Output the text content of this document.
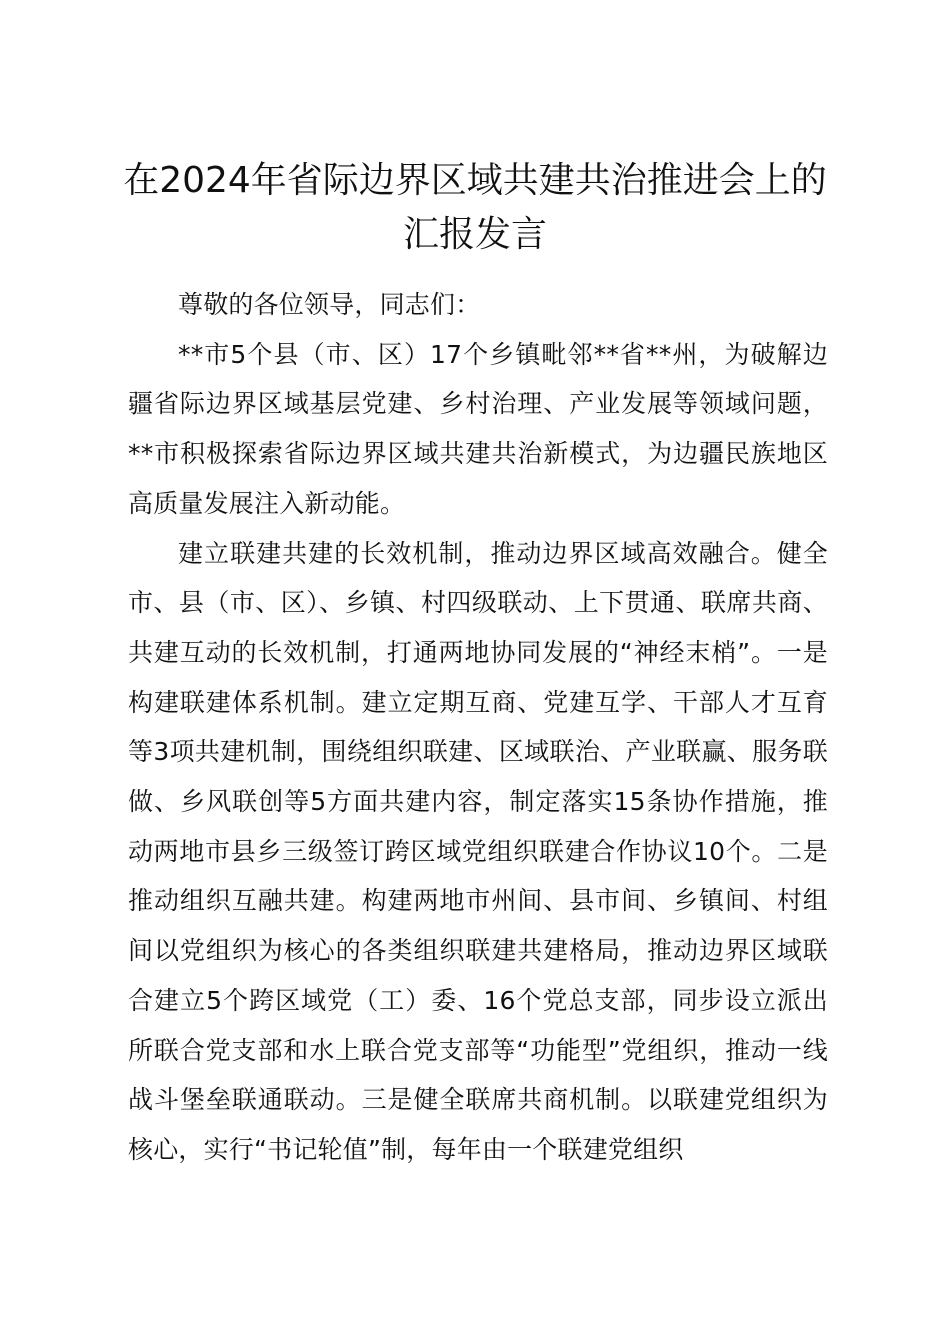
在2024年省际边界区域共建共治推进会上的汇报发言

尊敬的各位领导，同志们：

**市5个县（市、区）17个乡镇毗邻**省**州，为破解边疆省际边界区域基层党建、乡村治理、产业发展等领域问题，**市积极探索省际边界区域共建共治新模式，为边疆民族地区高质量发展注入新动能。

建立联建共建的长效机制，推动边界区域高效融合。健全市、县（市、区）、乡镇、村四级联动、上下贯通、联席共商、共建互动的长效机制，打通两地协同发展的“神经末梢”。一是构建联建体系机制。建立定期互商、党建互学、干部人才互育等3项共建机制，围绕组织联建、区域联治、产业联赢、服务联做、乡风联创等5方面共建内容，制定落实15条协作措施，推动两地市县乡三级签订跨区域党组织联建合作协议10个。二是推动组织互融共建。构建两地市州间、县市间、乡镇间、村组间以党组织为核心的各类组织联建共建格局，推动边界区域联合建立5个跨区域党（工）委、16个党总支部，同步设立派出所联合党支部和水上联合党支部等“功能型”党组织，推动一线战斗堡垒联通联动。三是健全联席共商机制。以联建党组织为核心，实行“书记轮值”制，每年由一个联建党组织
